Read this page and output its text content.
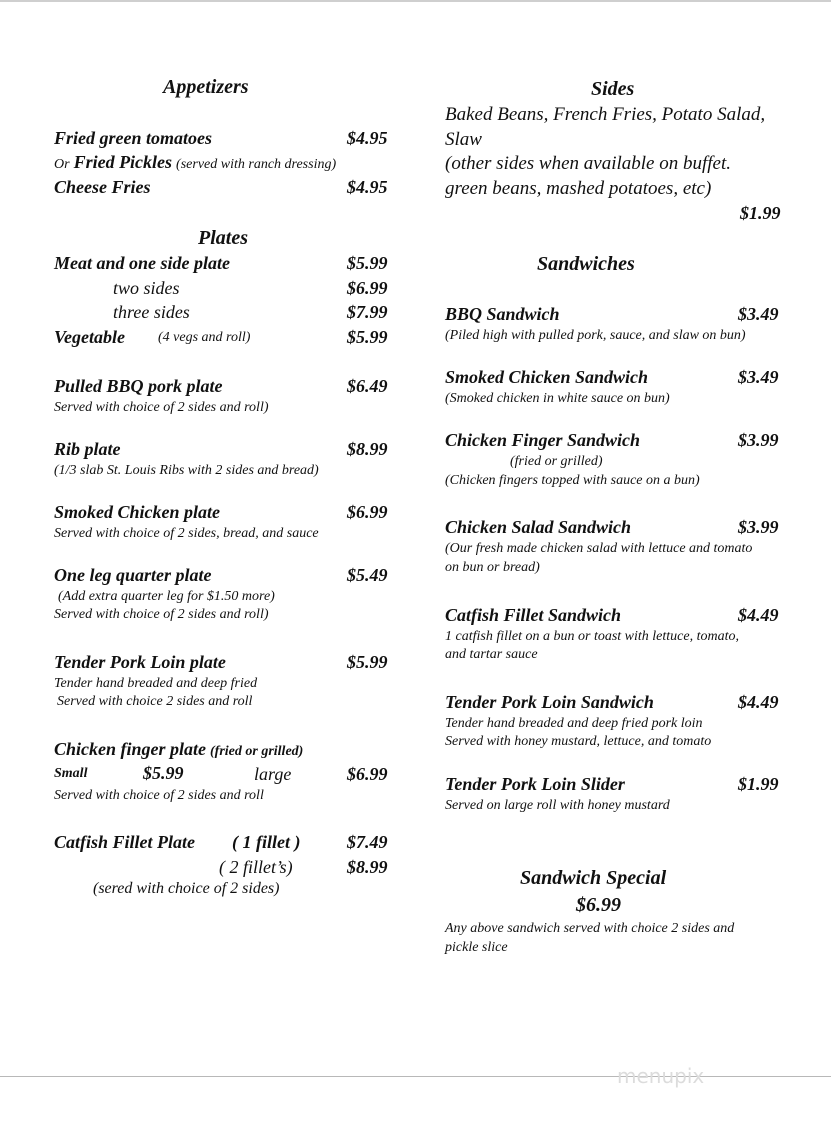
Appetizers
Fried green tomatoes	$4.95
Or Fried Pickles (served with ranch dressing)
Cheese Fries	$4.95
Plates
Meat and one side plate	$5.99
two sides	$6.99
three sides	$7.99
Vegetable (4 vegs and roll)	$5.99
Pulled BBQ pork plate	$6.49
Served with choice of 2 sides and roll)
Rib plate	$8.99
(1/3 slab St. Louis Ribs with 2 sides and bread)
Smoked Chicken plate	$6.99
Served with choice of 2 sides, bread, and sauce
One leg quarter plate	$5.49
(Add extra quarter leg for $1.50 more)
Served with choice of 2 sides and roll)
Tender Pork Loin plate	$5.99
Tender hand breaded and deep fried
Served with choice 2 sides and roll
Chicken finger plate (fried or grilled)
Small	$5.99	large	$6.99
Served with choice of 2 sides and roll
Catfish Fillet Plate ( 1 fillet )	$7.49
( 2 fillet’s)	$8.99
(sered with choice of 2 sides)
Sides
Baked Beans, French Fries, Potato Salad,
Slaw
(other sides when available on buffet.
green beans, mashed potatoes, etc)
$1.99
Sandwiches
BBQ Sandwich	$3.49
(Piled high with pulled pork, sauce, and slaw on bun)
Smoked Chicken Sandwich	$3.49
(Smoked chicken in white sauce on bun)
Chicken Finger Sandwich	$3.99
(fried or grilled)
(Chicken fingers topped with sauce on a bun)
Chicken Salad Sandwich	$3.99
(Our fresh made chicken salad with lettuce and tomato
on bun or bread)
Catfish Fillet Sandwich	$4.49
1 catfish fillet on a bun or toast with lettuce, tomato,
and tartar sauce
Tender Pork Loin Sandwich	$4.49
Tender hand breaded and deep fried pork loin
Served with honey mustard, lettuce, and tomato
Tender Pork Loin Slider	$1.99
Served on large roll with honey mustard
Sandwich Special
$6.99
Any above sandwich served with choice 2 sides and
pickle slice
menupix
